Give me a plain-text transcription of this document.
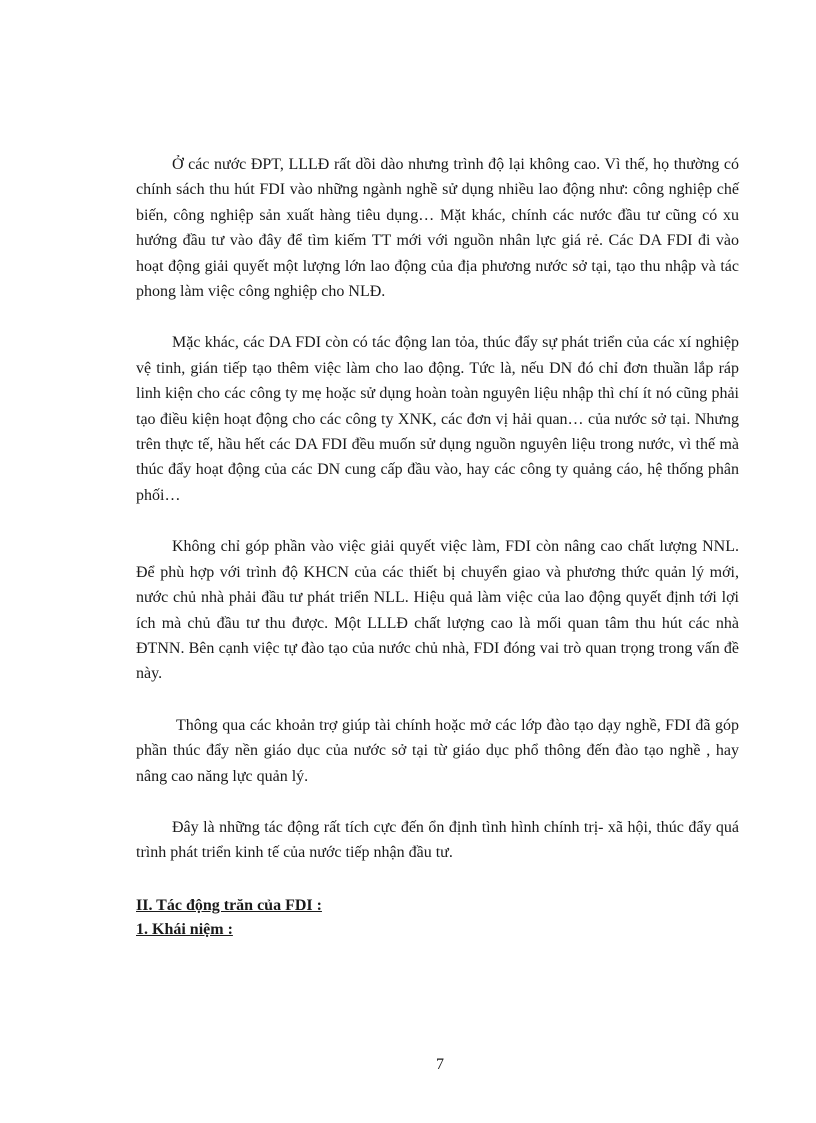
Ở các nước ĐPT, LLLĐ rất dồi dào nhưng trình độ lại không cao. Vì thế, họ thường có chính sách thu hút FDI vào những ngành nghề sử dụng nhiều lao động như: công nghiệp chế biến, công nghiệp sản xuất hàng tiêu dụng… Mặt khác, chính các nước đầu tư cũng có xu hướng đầu tư vào đây để tìm kiếm TT mới với nguồn nhân lực giá rẻ. Các DA FDI đi vào hoạt động giải quyết một lượng lớn lao động của địa phương nước sở tại, tạo thu nhập và tác phong làm việc công nghiệp cho NLĐ.

Mặc khác, các DA FDI còn có tác động lan tỏa, thúc đẩy sự phát triển của các xí nghiệp vệ tinh, gián tiếp tạo thêm việc làm cho lao động. Tức là, nếu DN đó chỉ đơn thuần lắp ráp linh kiện cho các công ty mẹ hoặc sử dụng hoàn toàn nguyên liệu nhập thì chí ít nó cũng phải tạo điều kiện hoạt động cho các công ty XNK, các đơn vị hải quan… của nước sở tại. Nhưng trên thực tế, hầu hết các DA FDI đều muốn sử dụng nguồn nguyên liệu trong nước, vì thế mà thúc đẩy hoạt động của các DN cung cấp đầu vào, hay các công ty quảng cáo, hệ thống phân phối…

Không chỉ góp phần vào việc giải quyết việc làm, FDI còn nâng cao chất lượng NNL. Để phù hợp với trình độ KHCN của các thiết bị chuyển giao và phương thức quản lý mới, nước chủ nhà phải đầu tư phát triển NLL. Hiệu quả làm việc của lao động quyết định tới lợi ích mà chủ đầu tư thu được. Một LLLĐ chất lượng cao là mối quan tâm thu hút các nhà ĐTNN. Bên cạnh việc tự đào tạo của nước chủ nhà, FDI đóng vai trò quan trọng trong vấn đề này.

Thông qua các khoản trợ giúp tài chính hoặc mở các lớp đào tạo dạy nghề, FDI đã góp phần thúc đẩy nền giáo dục của nước sở tại từ giáo dục phổ thông đến đào tạo nghề , hay nâng cao năng lực quản lý.

Đây là những tác động rất tích cực đến ổn định tình hình chính trị- xã hội, thúc đẩy quá trình phát triển kinh tế của nước tiếp nhận đầu tư.

II. Tác động trăn của FDI :

1. Khái niệm :

7
